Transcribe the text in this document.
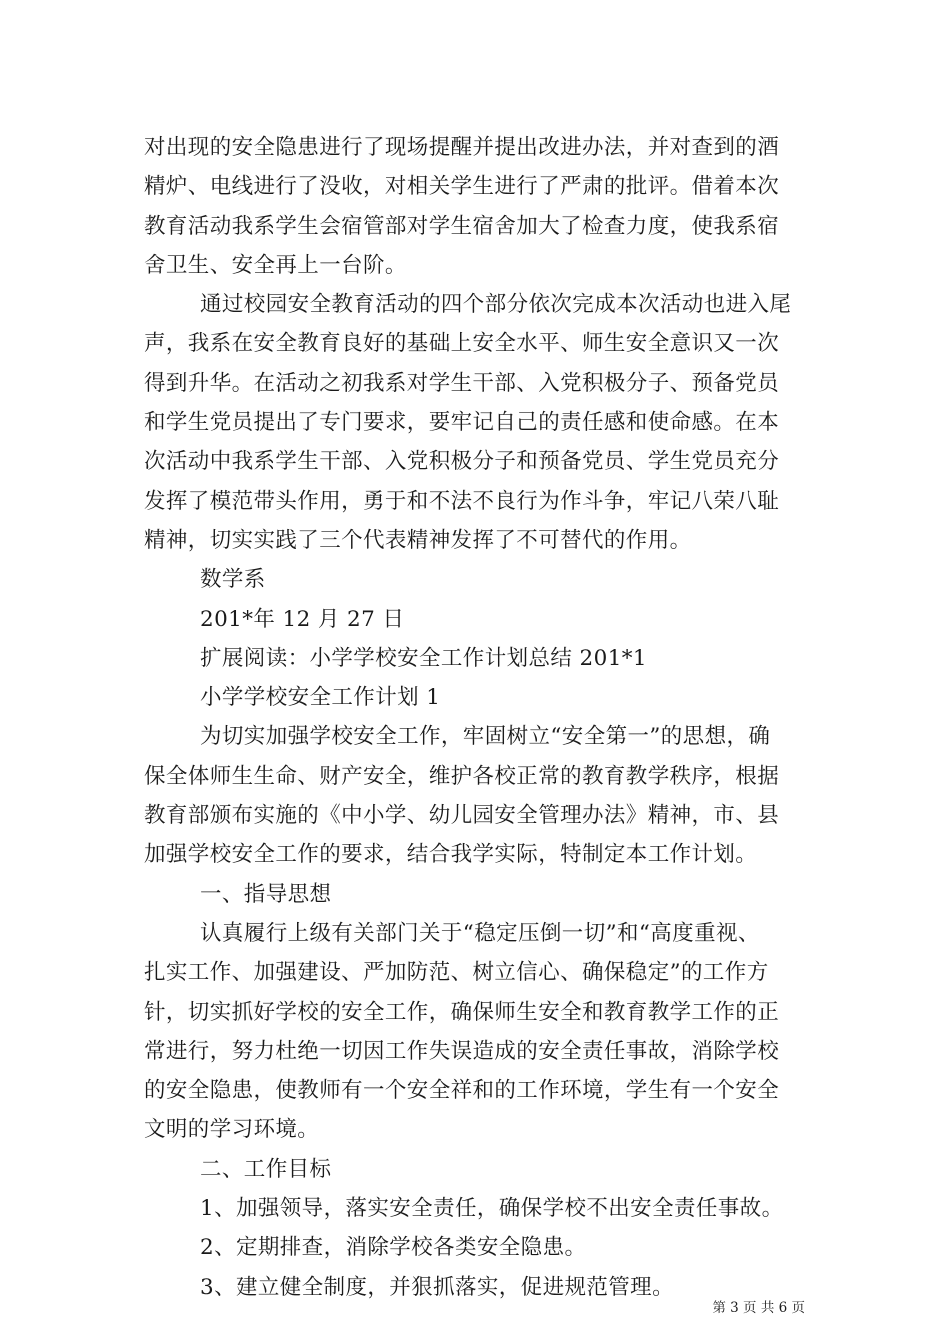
对出现的安全隐患进行了现场提醒并提出改进办法，并对查到的酒
精炉、电线进行了没收，对相关学生进行了严肃的批评。借着本次
教育活动我系学生会宿管部对学生宿舍加大了检查力度，使我系宿
舍卫生、安全再上一台阶。
通过校园安全教育活动的四个部分依次完成本次活动也进入尾
声，我系在安全教育良好的基础上安全水平、师生安全意识又一次
得到升华。在活动之初我系对学生干部、入党积极分子、预备党员
和学生党员提出了专门要求，要牢记自己的责任感和使命感。在本
次活动中我系学生干部、入党积极分子和预备党员、学生党员充分
发挥了模范带头作用，勇于和不法不良行为作斗争，牢记八荣八耻
精神，切实实践了三个代表精神发挥了不可替代的作用。
数学系
201*年 12 月 27 日
扩展阅读：小学学校安全工作计划总结 201*1
小学学校安全工作计划 1
为切实加强学校安全工作，牢固树立“安全第一”的思想，确
保全体师生生命、财产安全，维护各校正常的教育教学秩序，根据
教育部颁布实施的《中小学、幼儿园安全管理办法》精神，市、县
加强学校安全工作的要求，结合我学实际，特制定本工作计划。
一、指导思想
认真履行上级有关部门关于“稳定压倒一切”和“高度重视、
扎实工作、加强建设、严加防范、树立信心、确保稳定”的工作方
针，切实抓好学校的安全工作，确保师生安全和教育教学工作的正
常进行，努力杜绝一切因工作失误造成的安全责任事故，消除学校
的安全隐患，使教师有一个安全祥和的工作环境，学生有一个安全
文明的学习环境。
二、工作目标
1、加强领导，落实安全责任，确保学校不出安全责任事故。
2、定期排查，消除学校各类安全隐患。
3、建立健全制度，并狠抓落实，促进规范管理。
第 3 页 共 6 页
